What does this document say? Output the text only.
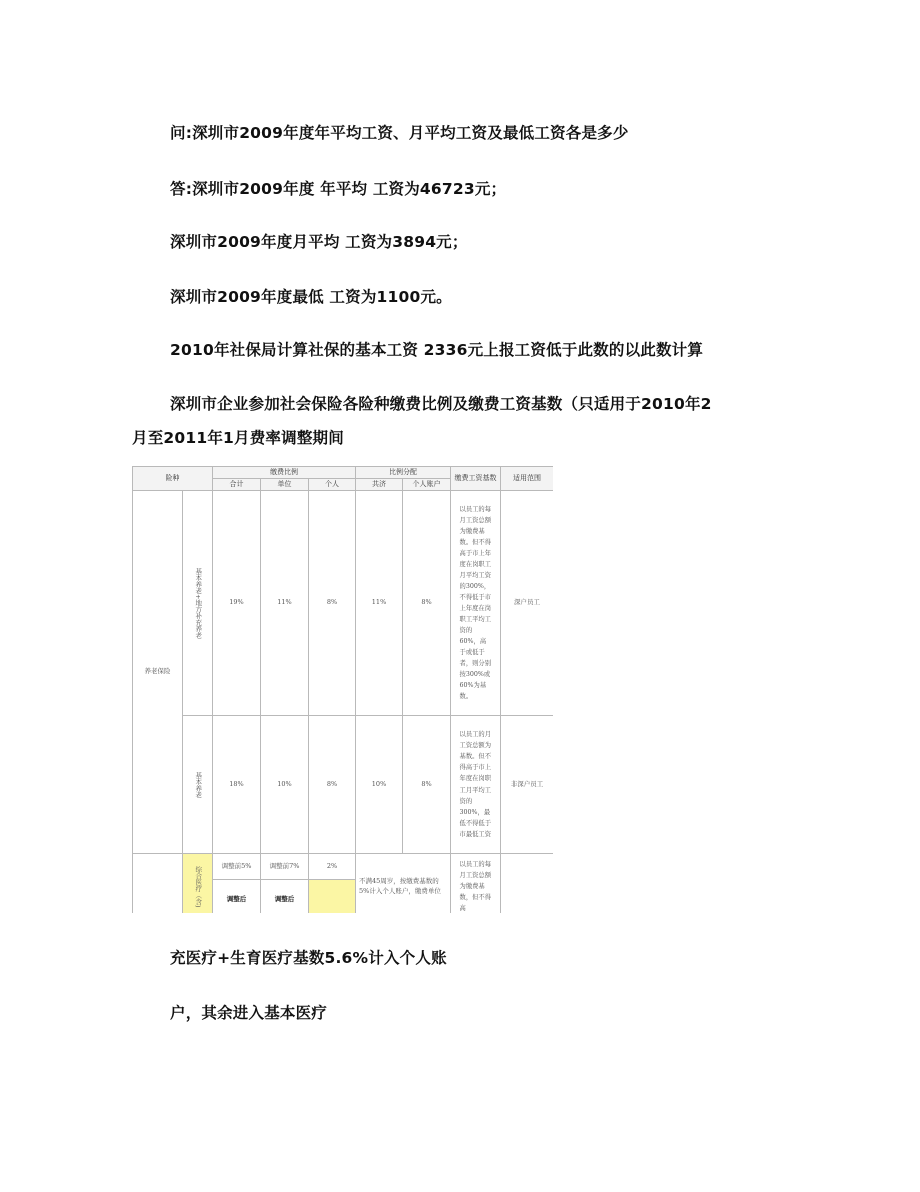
问:深圳市2009年度年平均工资、月平均工资及最低工资各是多少
答:深圳市2009年度 年平均 工资为46723元；
深圳市2009年度月平均 工资为3894元；
深圳市2009年度最低 工资为1100元。
2010年社保局计算社保的基本工资 2336元上报工资低于此数的以此数计算
深圳市企业参加社会保险各险种缴费比例及缴费工资基数（只适用于2010年2
月至2011年1月费率调整期间
险种		缴费比例			比例分配		缴费工资基数	适用范围
		合计	单位	个人	共济	个人账户		
养老保险	基本养老+地方补充养老	19%	11%	8%	11%	8%	以员工的每月工资总额为缴费基数。但不得高于市上年度在岗职工月平均工资的300%，不得低于市上年度在岗职工平均工资的60%，高于或低于者，则分别按300%或60%为基数。	深户员工

	基本养老	18%	10%	8%	10%	8%	以员工的月工资总额为基数。但不得高于市上年度在岗职工月平均工资的300%，最低不得低于市最低工资	非深户员工

	综合医疗（含)	调整前5%	调整前7%	2%	不满45周岁，按缴费基数的5%计入个人账户，缴费单位		以员工的每月工资总额为缴费基数，但不得高	

		调整后	调整后					
充医疗+生育医疗基数5.6%计入个人账
户，其余进入基本医疗
